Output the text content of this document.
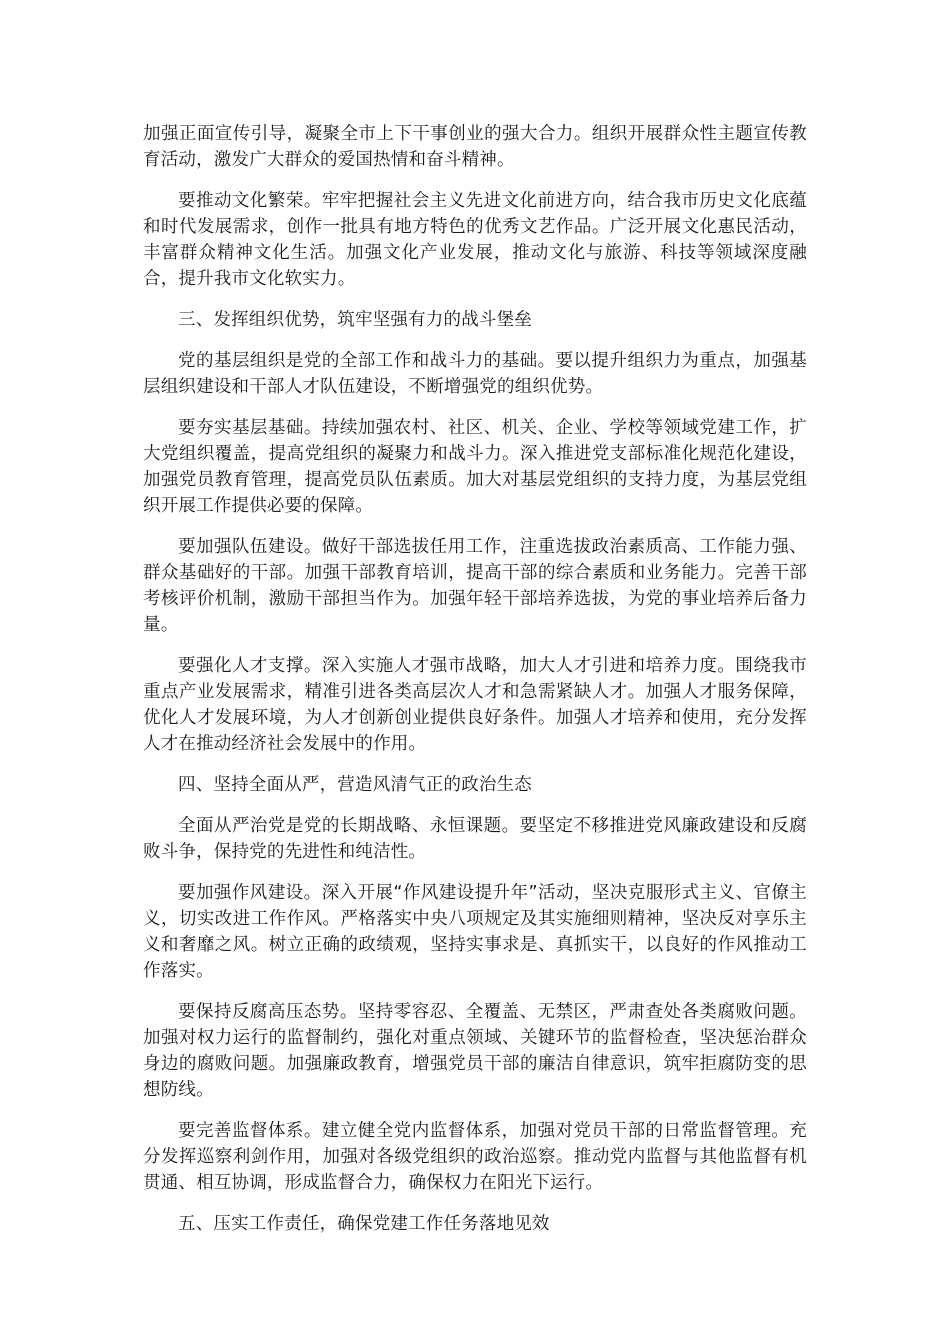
加强正面宣传引导，凝聚全市上下干事创业的强大合力。组织开展群众性主题宣传教育活动，激发广大群众的爱国热情和奋斗精神。

要推动文化繁荣。牢牢把握社会主义先进文化前进方向，结合我市历史文化底蕴和时代发展需求，创作一批具有地方特色的优秀文艺作品。广泛开展文化惠民活动，丰富群众精神文化生活。加强文化产业发展，推动文化与旅游、科技等领域深度融合，提升我市文化软实力。

三、发挥组织优势，筑牢坚强有力的战斗堡垒

党的基层组织是党的全部工作和战斗力的基础。要以提升组织力为重点，加强基层组织建设和干部人才队伍建设，不断增强党的组织优势。

要夯实基层基础。持续加强农村、社区、机关、企业、学校等领域党建工作，扩大党组织覆盖，提高党组织的凝聚力和战斗力。深入推进党支部标准化规范化建设，加强党员教育管理，提高党员队伍素质。加大对基层党组织的支持力度，为基层党组织开展工作提供必要的保障。

要加强队伍建设。做好干部选拔任用工作，注重选拔政治素质高、工作能力强、群众基础好的干部。加强干部教育培训，提高干部的综合素质和业务能力。完善干部考核评价机制，激励干部担当作为。加强年轻干部培养选拔，为党的事业培养后备力量。

要强化人才支撑。深入实施人才强市战略，加大人才引进和培养力度。围绕我市重点产业发展需求，精准引进各类高层次人才和急需紧缺人才。加强人才服务保障，优化人才发展环境，为人才创新创业提供良好条件。加强人才培养和使用，充分发挥人才在推动经济社会发展中的作用。

四、坚持全面从严，营造风清气正的政治生态

全面从严治党是党的长期战略、永恒课题。要坚定不移推进党风廉政建设和反腐败斗争，保持党的先进性和纯洁性。

要加强作风建设。深入开展“作风建设提升年”活动，坚决克服形式主义、官僚主义，切实改进工作作风。严格落实中央八项规定及其实施细则精神，坚决反对享乐主义和奢靡之风。树立正确的政绩观，坚持实事求是、真抓实干，以良好的作风推动工作落实。

要保持反腐高压态势。坚持零容忍、全覆盖、无禁区，严肃查处各类腐败问题。加强对权力运行的监督制约，强化对重点领域、关键环节的监督检查，坚决惩治群众身边的腐败问题。加强廉政教育，增强党员干部的廉洁自律意识，筑牢拒腐防变的思想防线。

要完善监督体系。建立健全党内监督体系，加强对党员干部的日常监督管理。充分发挥巡察利剑作用，加强对各级党组织的政治巡察。推动党内监督与其他监督有机贯通、相互协调，形成监督合力，确保权力在阳光下运行。

五、压实工作责任，确保党建工作任务落地见效
